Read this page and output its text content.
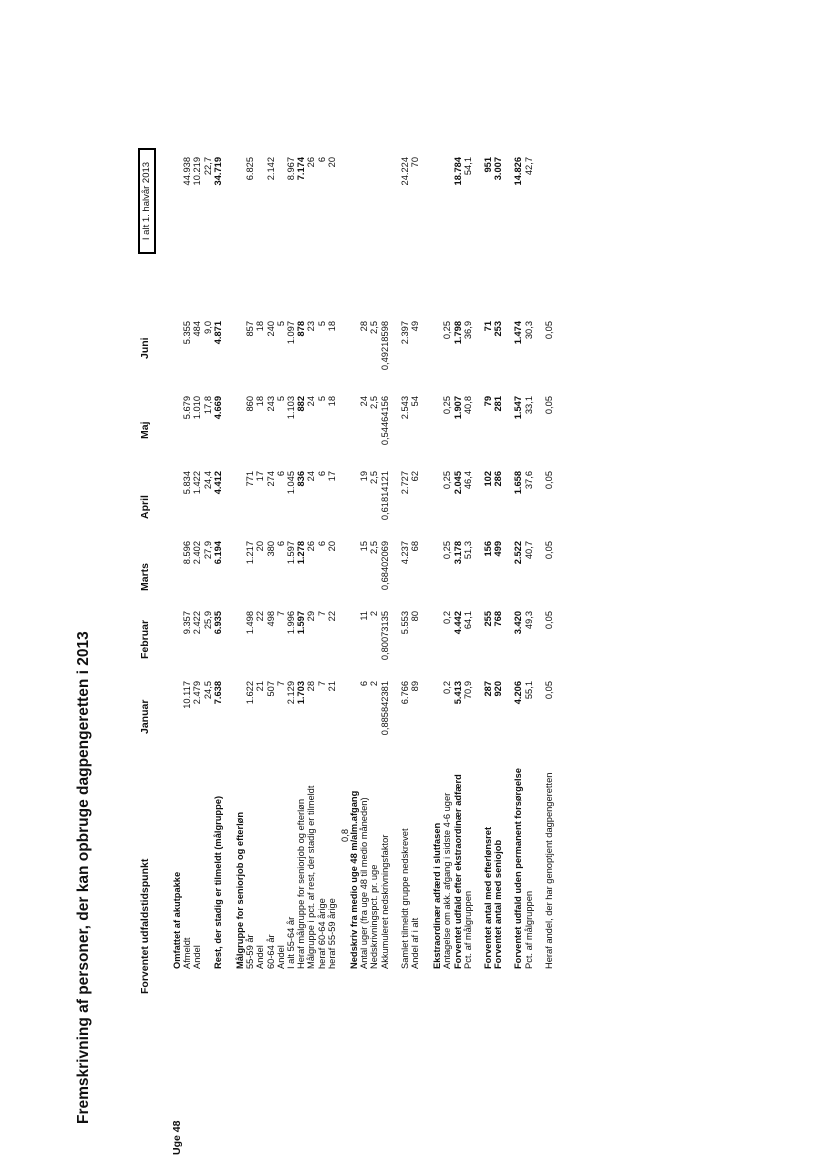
Fremskrivning af personer, der kan opbruge dagpengeretten i 2013	Forventet udfaldstidspunkt
Januar
Februar
Marts
April
Maj
Juni
I alt 1. halvår 2013
Uge 48
0,8
Omfattet af akutpakke Afmeldt
10.117
9.357
8.596
5.834
5.679
5.355
44.938
Andel
2.479
2.422
2.402
1.422
1.010
484
10.219
24,5
25,9
27,9
24,4
17,8
9,0
22,7
Rest, der stadig er tilmeldt (målgruppe)
7.638
6.935
6.194
4.412
4.669
4.871
34.719
Målgruppe for seniorjob og efterløn 55-59 år
1.622
1.498
1.217
771
860
857
6.825
Andel
21
22
20
17
18
18
60-64 år
507
498
380
274
243
240
2.142
Andel
7
7
6
6
5
5
I alt 55-64 år
2.129
1.996
1.597
1.045
1.103
1.097
8.967
Heraf målgruppe for seniorjob og efterløn
1.703
1.597
1.278
836
882
878
7.174
Målgruppe i pct. af rest, der stadig er tilmeldt
28
29
26
24
24
23
26
heraf 60-64 årige
7
7
6
6
5
5
6
heraf 55-59 årige
21
22
20
17
18
18
20
Nedskriv fra medio uge 48 m/alm.afgang Antal uger (fra uge 48 til medio måneden)
6
11
15
19
24
28
Nedskrivningspct. pr. uge
2
2
2,5
2,5
2,5
2,5
Akkumuleret nedskrivningsfaktor
0,885842381
0,80073135
0,68402069
0,61814121
0,54464156
0,49218598
Samlet tilmeldt gruppe nedskrevet
6.766
5.553
4.237
2.727
2.543
2.397
24.224
Andel af i alt
89
80
68
62
54
49
70
Ekstraordinær adfærd i slutfasen Antagelse om akk. afgang i sidste 4-6 uger
0,2
0,2
0,25
0,25
0,25
0,25
Forventet udfald efter ekstraordinær adfærd
5.413
4.442
3.178
2.045
1.907
1.798
18.784
Pct. af målgruppen
70,9
64,1
51,3
46,4
40,8
36,9
54,1
Forventet antal med efterlønsret
287
255
156
102
79
71
951
Forventet antal med seniojob
920
768
499
286
281
253
3.007
Forventet udfald uden permanent forsørgelse
4.206
3.420
2.522
1.658
1.547
1.474
14.826
Pct. af målgruppen
55,1
49,3
40,7
37,6
33,1
30,3
42,7
Heraf andel, der har genoptjent dagpengeretten
0,05
0,05
0,05
0,05
0,05
0,05
